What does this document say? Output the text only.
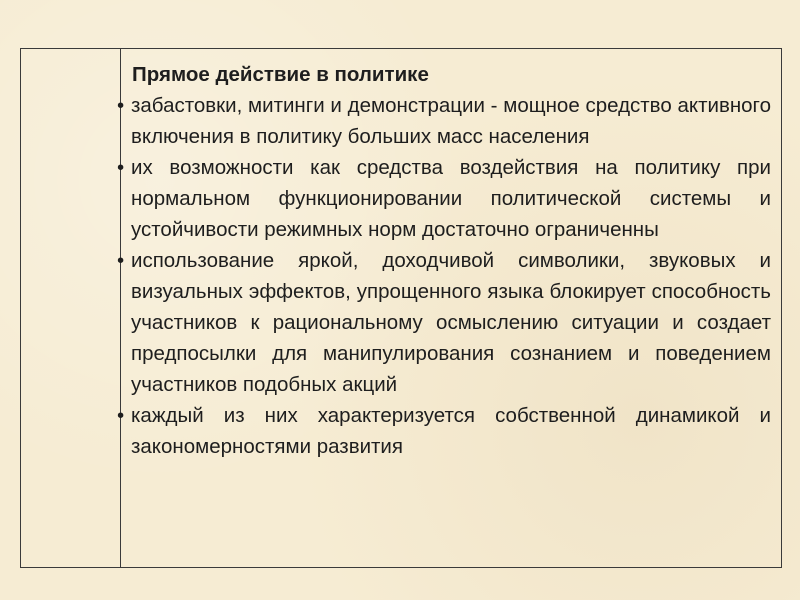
Прямое действие в политике

• забастовки, митинги и демонстрации - мощное средство активного включения в политику больших масс населения
• их возможности как средства воздействия на политику при нормальном функционировании политической системы и устойчивости режимных норм достаточно ограниченны
• использование яркой, доходчивой символики, звуковых и визуальных эффектов, упрощенного языка блокирует способность участников к рациональному осмыслению ситуации и создает предпосылки для манипулирования сознанием и поведением участников подобных акций
• каждый из них характеризуется собственной динамикой и закономерностями развития
